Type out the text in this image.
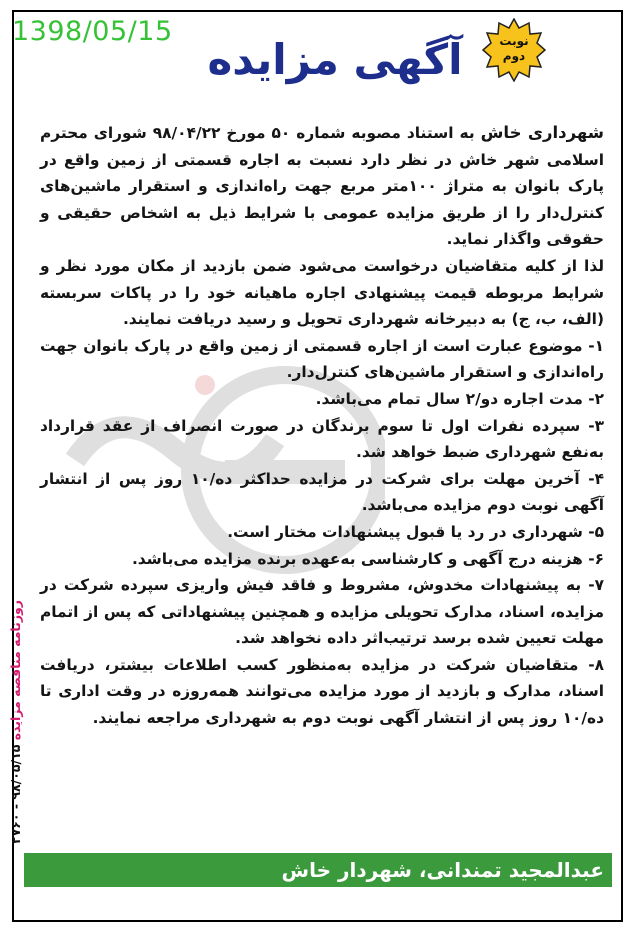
1398/05/15	نوبت
دوم
آگهی مزایده

شهرداری خاش به استناد مصوبه شماره ۵۰ مورخ ۹۸/۰۴/۲۲ شورای محترم اسلامی شهر خاش در نظر دارد نسبت به اجاره قسمتی از زمین واقع در پارک بانوان به متراژ ۱۰۰متر مربع جهت راه‌اندازی و استقرار ماشین‌های کنترل‌دار را از طریق مزایده عمومی با شرایط ذیل به اشخاص حقیقی و حقوقی واگذار نماید.

لذا از کلیه متقاضیان درخواست می‌شود ضمن بازدید از مکان مورد نظر و شرایط مربوطه قیمت پیشنهادی اجاره ماهیانه خود را در پاکات سربسته (الف، ب، ج) به دبیرخانه شهرداری تحویل و رسید دریافت نمایند.

۱- موضوع عبارت است از اجاره قسمتی از زمین واقع در پارک بانوان جهت راه‌اندازی و استقرار ماشین‌های کنترل‌دار.

۲- مدت اجاره دو/۲ سال تمام می‌باشد.

۳- سپرده نفرات اول تا سوم برندگان در صورت انصراف از عقد قرارداد به‌نفع شهرداری ضبط خواهد شد.

۴- آخرین مهلت برای شرکت در مزایده حداکثر ده/۱۰ روز پس از انتشار آگهی نوبت دوم مزایده می‌باشد.

۵- شهرداری در رد یا قبول پیشنهادات مختار است.

۶- هزینه درج آگهی و کارشناسی به‌عهده برنده مزایده می‌باشد.

۷- به پیشنهادات مخدوش، مشروط و فاقد فیش واریزی سپرده شرکت در مزایده، اسناد، مدارک تحویلی مزایده و همچنین پیشنهاداتی که پس از اتمام مهلت تعیین شده برسد ترتیب‌اثر داده نخواهد شد.

۸- متقاضیان شرکت در مزایده به‌منظور کسب اطلاعات بیشتر، دریافت اسناد، مدارک و بازدید از مورد مزایده می‌توانند همه‌روزه در وقت اداری تا ده/۱۰ روز پس از انتشار آگهی نوبت دوم به شهرداری مراجعه نمایند.

روزنامه مناقصه مزایده ۹۸/۰۵/۱۵ - ۲۷۶۰
عبدالمجید تمندانی، شهردار خاش
